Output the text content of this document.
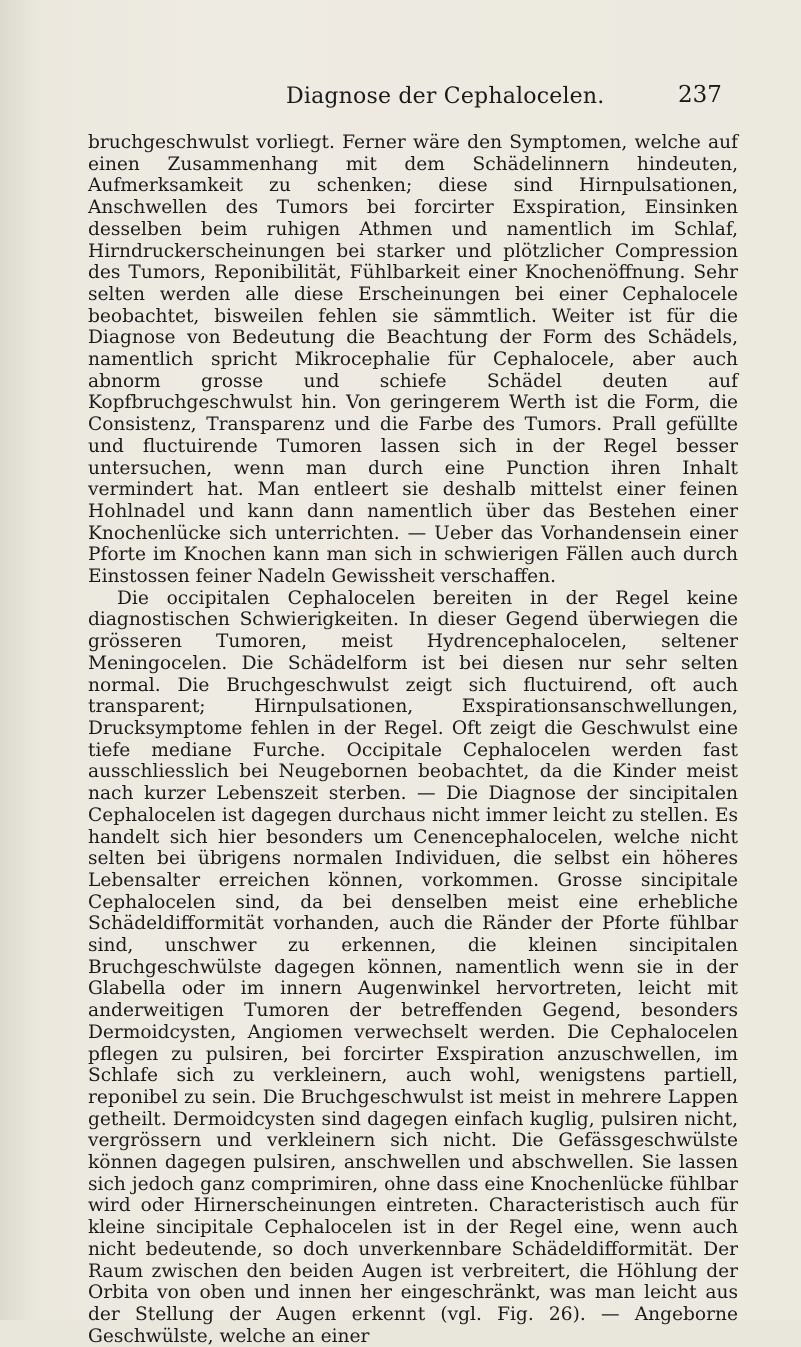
Diagnose der Cephalocelen.	237

bruchgeschwulst vorliegt. Ferner wäre den Symptomen, welche auf einen Zusammenhang mit dem Schädelinnern hindeuten, Aufmerksamkeit zu schenken; diese sind Hirnpulsationen, Anschwellen des Tumors bei forcirter Exspiration, Einsinken desselben beim ruhigen Athmen und namentlich im Schlaf, Hirndruckerscheinungen bei starker und plötzlicher Compression des Tumors, Reponibilität, Fühlbarkeit einer Knochenöffnung. Sehr selten werden alle diese Erscheinungen bei einer Cephalocele beobachtet, bisweilen fehlen sie sämmtlich. Weiter ist für die Diagnose von Bedeutung die Beachtung der Form des Schädels, namentlich spricht Mikrocephalie für Cephalocele, aber auch abnorm grosse und schiefe Schädel deuten auf Kopfbruchgeschwulst hin. Von geringerem Werth ist die Form, die Consistenz, Transparenz und die Farbe des Tumors. Prall gefüllte und fluctuirende Tumoren lassen sich in der Regel besser untersuchen, wenn man durch eine Punction ihren Inhalt vermindert hat. Man entleert sie deshalb mittelst einer feinen Hohlnadel und kann dann namentlich über das Bestehen einer Knochenlücke sich unterrichten. — Ueber das Vorhandensein einer Pforte im Knochen kann man sich in schwierigen Fällen auch durch Einstossen feiner Nadeln Gewissheit verschaffen.

Die occipitalen Cephalocelen bereiten in der Regel keine diagnostischen Schwierigkeiten. In dieser Gegend überwiegen die grösseren Tumoren, meist Hydrencephalocelen, seltener Meningocelen. Die Schädelform ist bei diesen nur sehr selten normal. Die Bruchgeschwulst zeigt sich fluctuirend, oft auch transparent; Hirnpulsationen, Exspirationsanschwellungen, Drucksymptome fehlen in der Regel. Oft zeigt die Geschwulst eine tiefe mediane Furche. Occipitale Cephalocelen werden fast ausschliesslich bei Neugebornen beobachtet, da die Kinder meist nach kurzer Lebenszeit sterben. — Die Diagnose der sincipitalen Cephalocelen ist dagegen durchaus nicht immer leicht zu stellen. Es handelt sich hier besonders um Cenencephalocelen, welche nicht selten bei übrigens normalen Individuen, die selbst ein höheres Lebensalter erreichen können, vorkommen. Grosse sincipitale Cephalocelen sind, da bei denselben meist eine erhebliche Schädeldifformität vorhanden, auch die Ränder der Pforte fühlbar sind, unschwer zu erkennen, die kleinen sincipitalen Bruchgeschwülste dagegen können, namentlich wenn sie in der Glabella oder im innern Augenwinkel hervortreten, leicht mit anderweitigen Tumoren der betreffenden Gegend, besonders Dermoidcysten, Angiomen verwechselt werden. Die Cephalocelen pflegen zu pulsiren, bei forcirter Exspiration anzuschwellen, im Schlafe sich zu verkleinern, auch wohl, wenigstens partiell, reponibel zu sein. Die Bruchgeschwulst ist meist in mehrere Lappen getheilt. Dermoidcysten sind dagegen einfach kuglig, pulsiren nicht, vergrössern und verkleinern sich nicht. Die Gefässgeschwülste können dagegen pulsiren, anschwellen und abschwellen. Sie lassen sich jedoch ganz comprimiren, ohne dass eine Knochenlücke fühlbar wird oder Hirnerscheinungen eintreten. Characteristisch auch für kleine sincipitale Cephalocelen ist in der Regel eine, wenn auch nicht bedeutende, so doch unverkennbare Schädeldifformität. Der Raum zwischen den beiden Augen ist verbreitert, die Höhlung der Orbita von oben und innen her eingeschränkt, was man leicht aus der Stellung der Augen erkennt (vgl. Fig. 26). — Angeborne Geschwülste, welche an einer
